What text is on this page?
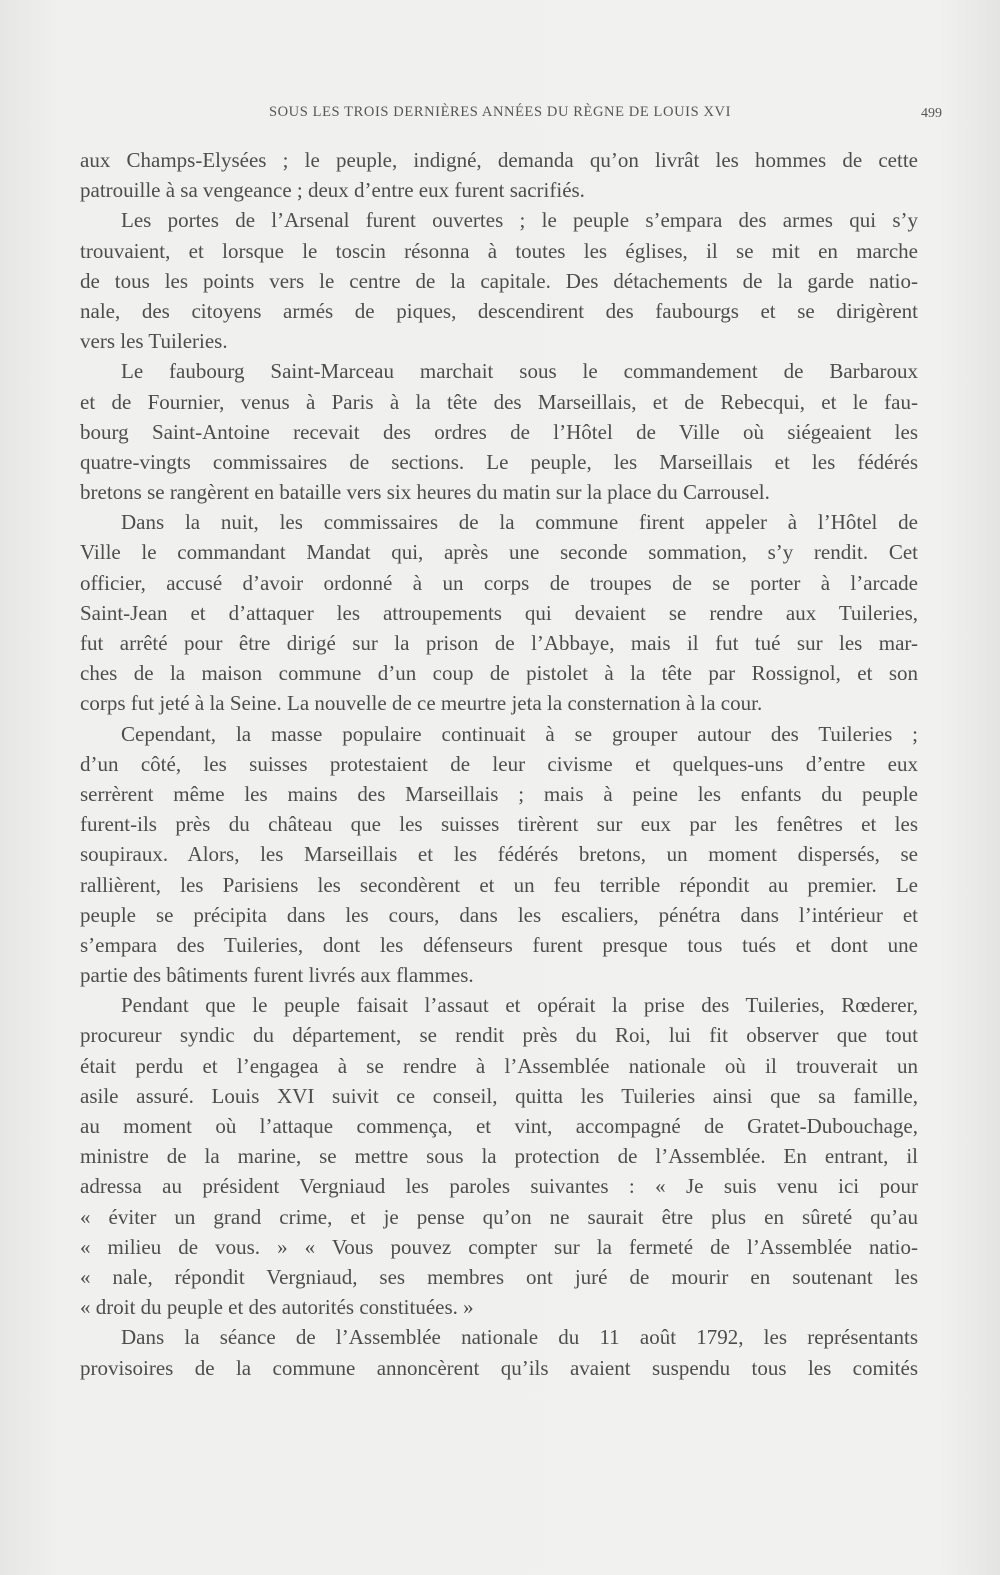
SOUS LES TROIS DERNIÈRES ANNÉES DU RÈGNE DE LOUIS XVI	499
aux Champs-Elysées ; le peuple, indigné, demanda qu’on livrât les hommes de cette
patrouille à sa vengeance ; deux d’entre eux furent sacrifiés.
Les portes de l’Arsenal furent ouvertes ; le peuple s’empara des armes qui s’y
trouvaient, et lorsque le toscin résonna à toutes les églises, il se mit en marche
de tous les points vers le centre de la capitale. Des détachements de la garde natio-
nale, des citoyens armés de piques, descendirent des faubourgs et se dirigèrent
vers les Tuileries.
Le faubourg Saint-Marceau marchait sous le commandement de Barbaroux
et de Fournier, venus à Paris à la tête des Marseillais, et de Rebecqui, et le fau-
bourg Saint-Antoine recevait des ordres de l’Hôtel de Ville où siégeaient les
quatre-vingts commissaires de sections. Le peuple, les Marseillais et les fédérés
bretons se rangèrent en bataille vers six heures du matin sur la place du Carrousel.
Dans la nuit, les commissaires de la commune firent appeler à l’Hôtel de
Ville le commandant Mandat qui, après une seconde sommation, s’y rendit. Cet
officier, accusé d’avoir ordonné à un corps de troupes de se porter à l’arcade
Saint-Jean et d’attaquer les attroupements qui devaient se rendre aux Tuileries,
fut arrêté pour être dirigé sur la prison de l’Abbaye, mais il fut tué sur les mar-
ches de la maison commune d’un coup de pistolet à la tête par Rossignol, et son
corps fut jeté à la Seine. La nouvelle de ce meurtre jeta la consternation à la cour.
Cependant, la masse populaire continuait à se grouper autour des Tuileries ;
d’un côté, les suisses protestaient de leur civisme et quelques-uns d’entre eux
serrèrent même les mains des Marseillais ; mais à peine les enfants du peuple
furent-ils près du château que les suisses tirèrent sur eux par les fenêtres et les
soupiraux. Alors, les Marseillais et les fédérés bretons, un moment dispersés, se
rallièrent, les Parisiens les secondèrent et un feu terrible répondit au premier. Le
peuple se précipita dans les cours, dans les escaliers, pénétra dans l’intérieur et
s’empara des Tuileries, dont les défenseurs furent presque tous tués et dont une
partie des bâtiments furent livrés aux flammes.
Pendant que le peuple faisait l’assaut et opérait la prise des Tuileries, Rœderer,
procureur syndic du département, se rendit près du Roi, lui fit observer que tout
était perdu et l’engagea à se rendre à l’Assemblée nationale où il trouverait un
asile assuré. Louis XVI suivit ce conseil, quitta les Tuileries ainsi que sa famille,
au moment où l’attaque commença, et vint, accompagné de Gratet-Dubouchage,
ministre de la marine, se mettre sous la protection de l’Assemblée. En entrant, il
adressa au président Vergniaud les paroles suivantes : « Je suis venu ici pour
« éviter un grand crime, et je pense qu’on ne saurait être plus en sûreté qu’au
« milieu de vous. » « Vous pouvez compter sur la fermeté de l’Assemblée natio-
« nale, répondit Vergniaud, ses membres ont juré de mourir en soutenant les
« droit du peuple et des autorités constituées. »
Dans la séance de l’Assemblée nationale du 11 août 1792, les représentants
provisoires de la commune annoncèrent qu’ils avaient suspendu tous les comités
